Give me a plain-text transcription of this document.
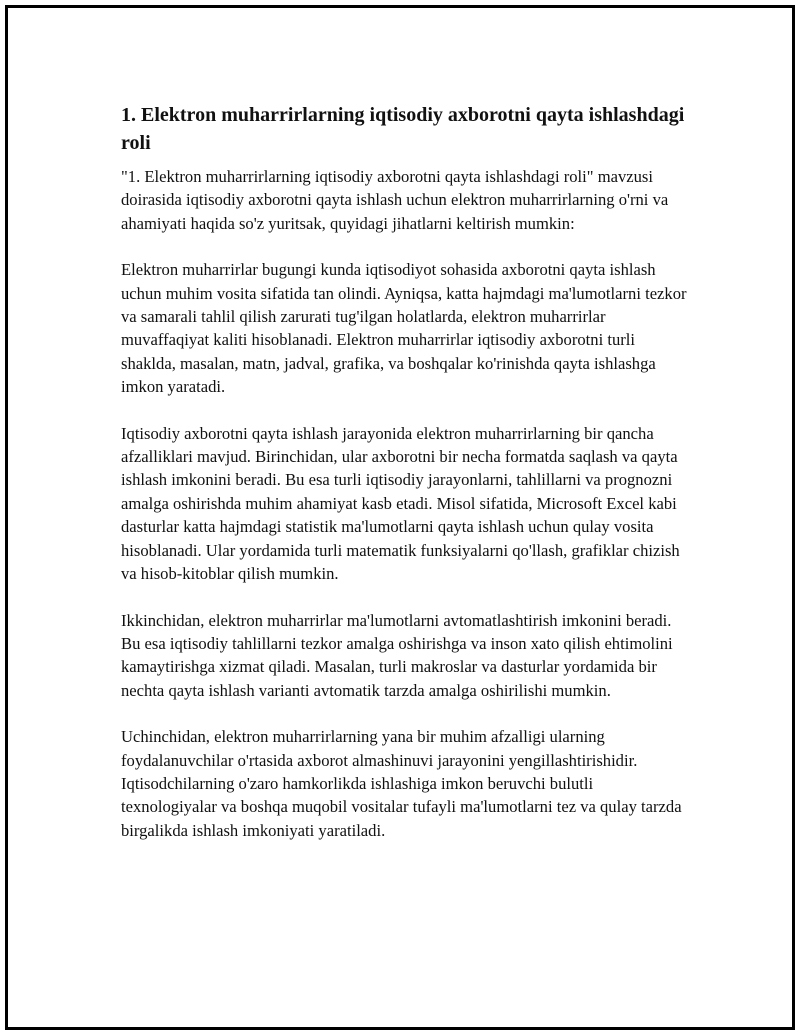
1. Elektron muharrirlarning iqtisodiy axborotni qayta ishlashdagi roli

"1. Elektron muharrirlarning iqtisodiy axborotni qayta ishlashdagi roli" mavzusi doirasida iqtisodiy axborotni qayta ishlash uchun elektron muharrirlarning o'rni va ahamiyati haqida so'z yuritsak, quyidagi jihatlarni keltirish mumkin:

Elektron muharrirlar bugungi kunda iqtisodiyot sohasida axborotni qayta ishlash uchun muhim vosita sifatida tan olindi. Ayniqsa, katta hajmdagi ma'lumotlarni tezkor va samarali tahlil qilish zarurati tug'ilgan holatlarda, elektron muharrirlar muvaffaqiyat kaliti hisoblanadi. Elektron muharrirlar iqtisodiy axborotni turli shaklda, masalan, matn, jadval, grafika, va boshqalar ko'rinishda qayta ishlashga imkon yaratadi.

Iqtisodiy axborotni qayta ishlash jarayonida elektron muharrirlarning bir qancha afzalliklari mavjud. Birinchidan, ular axborotni bir necha formatda saqlash va qayta ishlash imkonini beradi. Bu esa turli iqtisodiy jarayonlarni, tahlillarni va prognozni amalga oshirishda muhim ahamiyat kasb etadi. Misol sifatida, Microsoft Excel kabi dasturlar katta hajmdagi statistik ma'lumotlarni qayta ishlash uchun qulay vosita hisoblanadi. Ular yordamida turli matematik funksiyalarni qo'llash, grafiklar chizish va hisob-kitoblar qilish mumkin.

Ikkinchidan, elektron muharrirlar ma'lumotlarni avtomatlashtirish imkonini beradi. Bu esa iqtisodiy tahlillarni tezkor amalga oshirishga va inson xato qilish ehtimolini kamaytirishga xizmat qiladi. Masalan, turli makroslar va dasturlar yordamida bir nechta qayta ishlash varianti avtomatik tarzda amalga oshirilishi mumkin.

Uchinchidan, elektron muharrirlarning yana bir muhim afzalligi ularning foydalanuvchilar o'rtasida axborot almashinuvi jarayonini yengillashtirishidir. Iqtisodchilarning o'zaro hamkorlikda ishlashiga imkon beruvchi bulutli texnologiyalar va boshqa muqobil vositalar tufayli ma'lumotlarni tez va qulay tarzda birgalikda ishlash imkoniyati yaratiladi.
